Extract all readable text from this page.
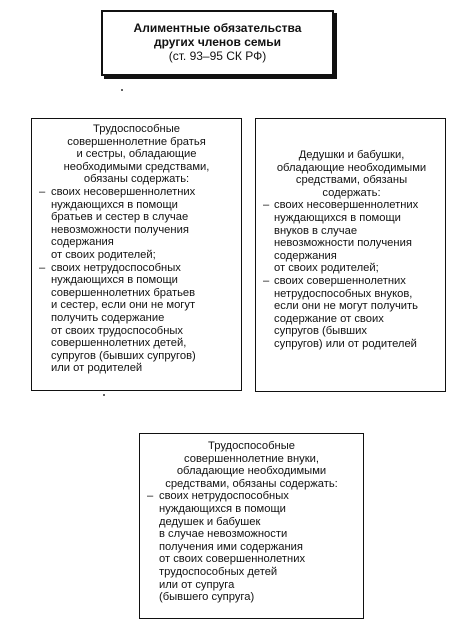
Алиментные обязательства
других членов семьи
(ст. 93–95 СК РФ)
Трудоспособные
совершеннолетние братья
и сестры, обладающие
необходимыми средствами,
обязаны содержать:
– своих несовершеннолетних
нуждающихся в помощи
братьев и сестер в случае
невозможности получения
содержания
от своих родителей;
– своих нетрудоспособных
нуждающихся в помощи
совершеннолетних братьев
и сестер, если они не могут
получить содержание
от своих трудоспособных
совершеннолетних детей,
супругов (бывших супругов)
или от родителей
Дедушки и бабушки,
обладающие необходимыми
средствами, обязаны
содержать:
– своих несовершеннолетних
нуждающихся в помощи
внуков в случае
невозможности получения
содержания
от своих родителей;
– своих совершеннолетних
нетрудоспособных внуков,
если они не могут получить
содержание от своих
супругов (бывших
супругов) или от родителей
Трудоспособные
совершеннолетние внуки,
обладающие необходимыми
средствами, обязаны содержать:
– своих нетрудоспособных
нуждающихся в помощи
дедушек и бабушек
в случае невозможности
получения ими содержания
от своих совершеннолетних
трудоспособных детей
или от супруга
(бывшего супруга)
